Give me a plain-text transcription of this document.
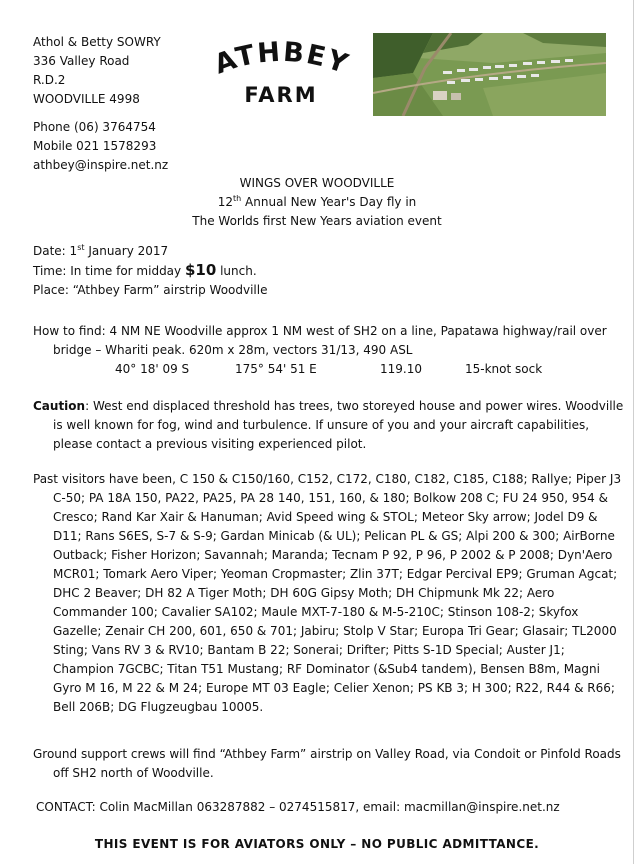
Athol & Betty SOWRY
336 Valley Road
R.D.2
WOODVILLE 4998
ATHBEY
FARM
Phone (06) 3764754
Mobile 021 1578293
athbey@inspire.net.nz
WINGS OVER WOODVILLE
12th Annual New Year's Day fly in
The Worlds first New Years aviation event
Date: 1st January 2017
Time: In time for midday $10 lunch.
Place: “Athbey Farm” airstrip Woodville
How to find: 4 NM NE Woodville approx 1 NM west of SH2 on a line, Papatawa highway/rail over bridge – Whariti peak. 620m x 28m, vectors 31/13, 490 ASL
40° 18' 09 S	175° 54' 51 E	119.10	15-knot sock
Caution: West end displaced threshold has trees, two storeyed house and power wires. Woodville is well known for fog, wind and turbulence. If unsure of you and your aircraft capabilities, please contact a previous visiting experienced pilot.
Past visitors have been, C 150 & C150/160, C152, C172, C180, C182, C185, C188; Rallye; Piper J3 C-50; PA 18A 150, PA22, PA25, PA 28 140, 151, 160, & 180; Bolkow 208 C; FU 24 950, 954 & Cresco; Rand Kar Xair & Hanuman; Avid Speed wing & STOL; Meteor Sky arrow; Jodel D9 & D11; Rans S6ES, S-7 & S-9; Gardan Minicab (& UL); Pelican PL & GS; Alpi 200 & 300; AirBorne Outback; Fisher Horizon; Savannah; Maranda; Tecnam P 92, P 96, P 2002 & P 2008; Dyn'Aero MCR01; Tomark Aero Viper; Yeoman Cropmaster; Zlin 37T; Edgar Percival EP9; Gruman Agcat; DHC 2 Beaver; DH 82 A Tiger Moth; DH 60G Gipsy Moth; DH Chipmunk Mk 22; Aero Commander 100; Cavalier SA102; Maule MXT-7-180 & M-5-210C; Stinson 108-2; Skyfox Gazelle; Zenair CH 200, 601, 650 & 701; Jabiru; Stolp V Star; Europa Tri Gear; Glasair; TL2000 Sting; Vans RV 3 & RV10; Bantam B 22; Sonerai; Drifter; Pitts S-1D Special; Auster J1; Champion 7GCBC; Titan T51 Mustang; RF Dominator (&Sub4 tandem), Bensen B8m, Magni Gyro M 16, M 22 & M 24; Europe MT 03 Eagle; Celier Xenon; PS KB 3; H 300; R22, R44 & R66; Bell 206B; DG Flugzeugbau 10005.
Ground support crews will find “Athbey Farm” airstrip on Valley Road, via Condoit or Pinfold Roads off SH2 north of Woodville.
CONTACT: Colin MacMillan 063287882 – 0274515817, email: macmillan@inspire.net.nz
THIS EVENT IS FOR AVIATORS ONLY – NO PUBLIC ADMITTANCE.
